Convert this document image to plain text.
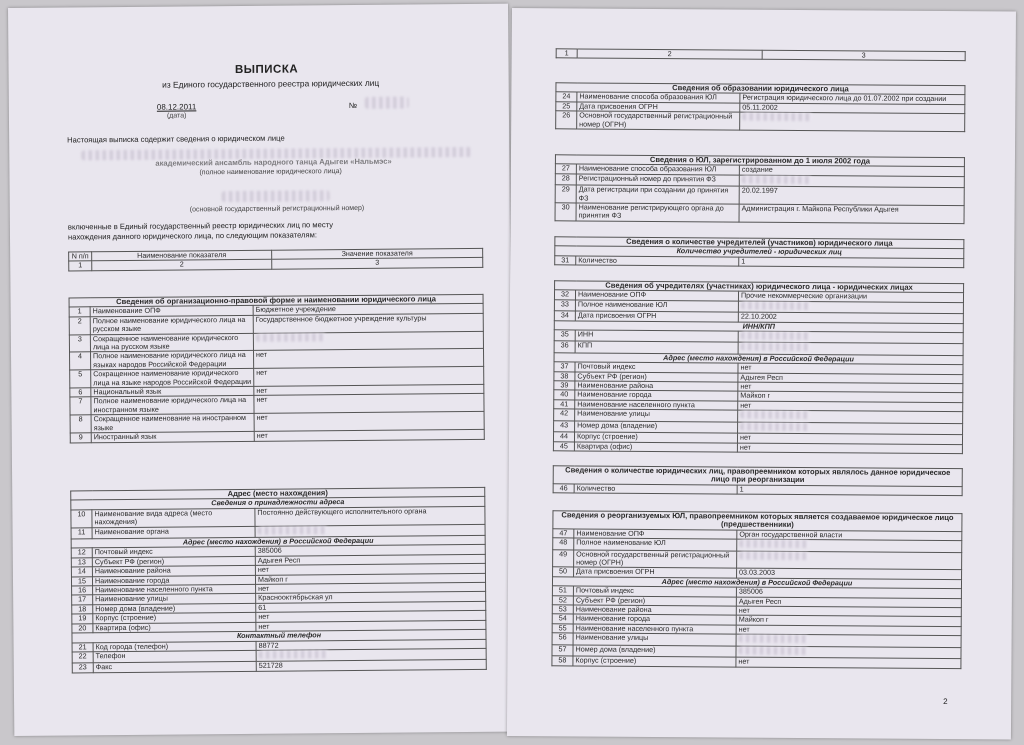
ВЫПИСКА
из Единого государственного реестра юридических лиц
08.12.2011
(дата)
№
Настоящая выписка содержит сведения о юридическом лице
академический ансамбль народного танца Адыгеи «Нальмэс»
(полное наименование юридического лица)
(основной государственный регистрационный номер)
включенные в Единый государственный реестр юридических лиц по месту
нахождения данного юридического лица, по следующим показателям:
N п/п	Наименование показателя	Значение показателя
1	2	3
Сведения об организационно-правовой форме и наименовании юридического лица		
1	Наименование ОПФ	Бюджетное учреждение
2	Полное наименование юридического лица на русском языке	Государственное бюджетное учреждение культуры
3	Сокращенное наименование юридического лица на русском языке	
4	Полное наименование юридического лица на языках народов Российской Федерации	нет
5	Сокращенное наименование юридического лица на языке народов Российской Федерации	нет
6	Национальный язык	нет
7	Полное наименование юридического лица на иностранном языке	нет
8	Сокращенное наименование на иностранном языке	нет
9	Иностранный язык	нет
Адрес (место нахождения)		
Сведения о принадлежности адреса		
10	Наименование вида адреса (место нахождения)	Постоянно действующего исполнительного органа
11	Наименование органа	
Адрес (место нахождения) в Российской Федерации		
12	Почтовый индекс	385006
13	Субъект РФ (регион)	Адыгея Респ
14	Наименование района	нет
15	Наименование города	Майкоп г
16	Наименование населенного пункта	нет
17	Наименование улицы	Краснооктябрьская ул
18	Номер дома (владение)	61
19	Корпус (строение)	нет
20	Квартира (офис)	нет
Контактный телефон		
21	Код города (телефон)	88772
22	Телефон	
23	Факс	521728
1	2	3
Сведения об образовании юридического лица		
24	Наименование способа образования ЮЛ	Регистрация юридического лица до 01.07.2002 при создании
25	Дата присвоения ОГРН	05.11.2002
26	Основной государственный регистрационный номер (ОГРН)	
Сведения о ЮЛ, зарегистрированном до 1 июля 2002 года		
27	Наименование способа образования ЮЛ	создание
28	Регистрационный номер до принятия ФЗ	
29	Дата регистрации при создании до принятия ФЗ	20.02.1997
30	Наименование регистрирующего органа до принятия ФЗ	Администрация г. Майкопа Республики Адыгея
Сведения о количестве учредителей (участников) юридического лица
Количество учредителей - юридических лиц
31	Количество	1
Сведения об учредителях (участниках) юридического лица - юридических лицах		
32	Наименование ОПФ	Прочие некоммерческие организации
33	Полное наименование ЮЛ	
34	Дата присвоения ОГРН	22.10.2002
ИНН/КПП		
35	ИНН	
36	КПП	
Адрес (место нахождения) в Российской Федерации		
37	Почтовый индекс	нет
38	Субъект РФ (регион)	Адыгея Респ
39	Наименование района	нет
40	Наименование города	Майкоп г
41	Наименование населенного пункта	нет
42	Наименование улицы	
43	Номер дома (владение)	
44	Корпус (строение)	нет
45	Квартира (офис)	нет
Сведения о количестве юридических лиц, правопреемником которых являлось данное юридическое лицо при реорганизации
46	Количество	1
Сведения о реорганизуемых ЮЛ, правопреемником которых является создаваемое юридическое лицо (предшественники)		
47	Наименование ОПФ	Орган государственной власти
48	Полное наименование ЮЛ	
49	Основной государственный регистрационный номер (ОГРН)	
50	Дата присвоения ОГРН	03.03.2003
Адрес (место нахождения) в Российской Федерации		
51	Почтовый индекс	385006
52	Субъект РФ (регион)	Адыгея Респ
53	Наименование района	нет
54	Наименование города	Майкоп г
55	Наименование населенного пункта	нет
56	Наименование улицы	
57	Номер дома (владение)	
58	Корпус (строение)	нет
2
